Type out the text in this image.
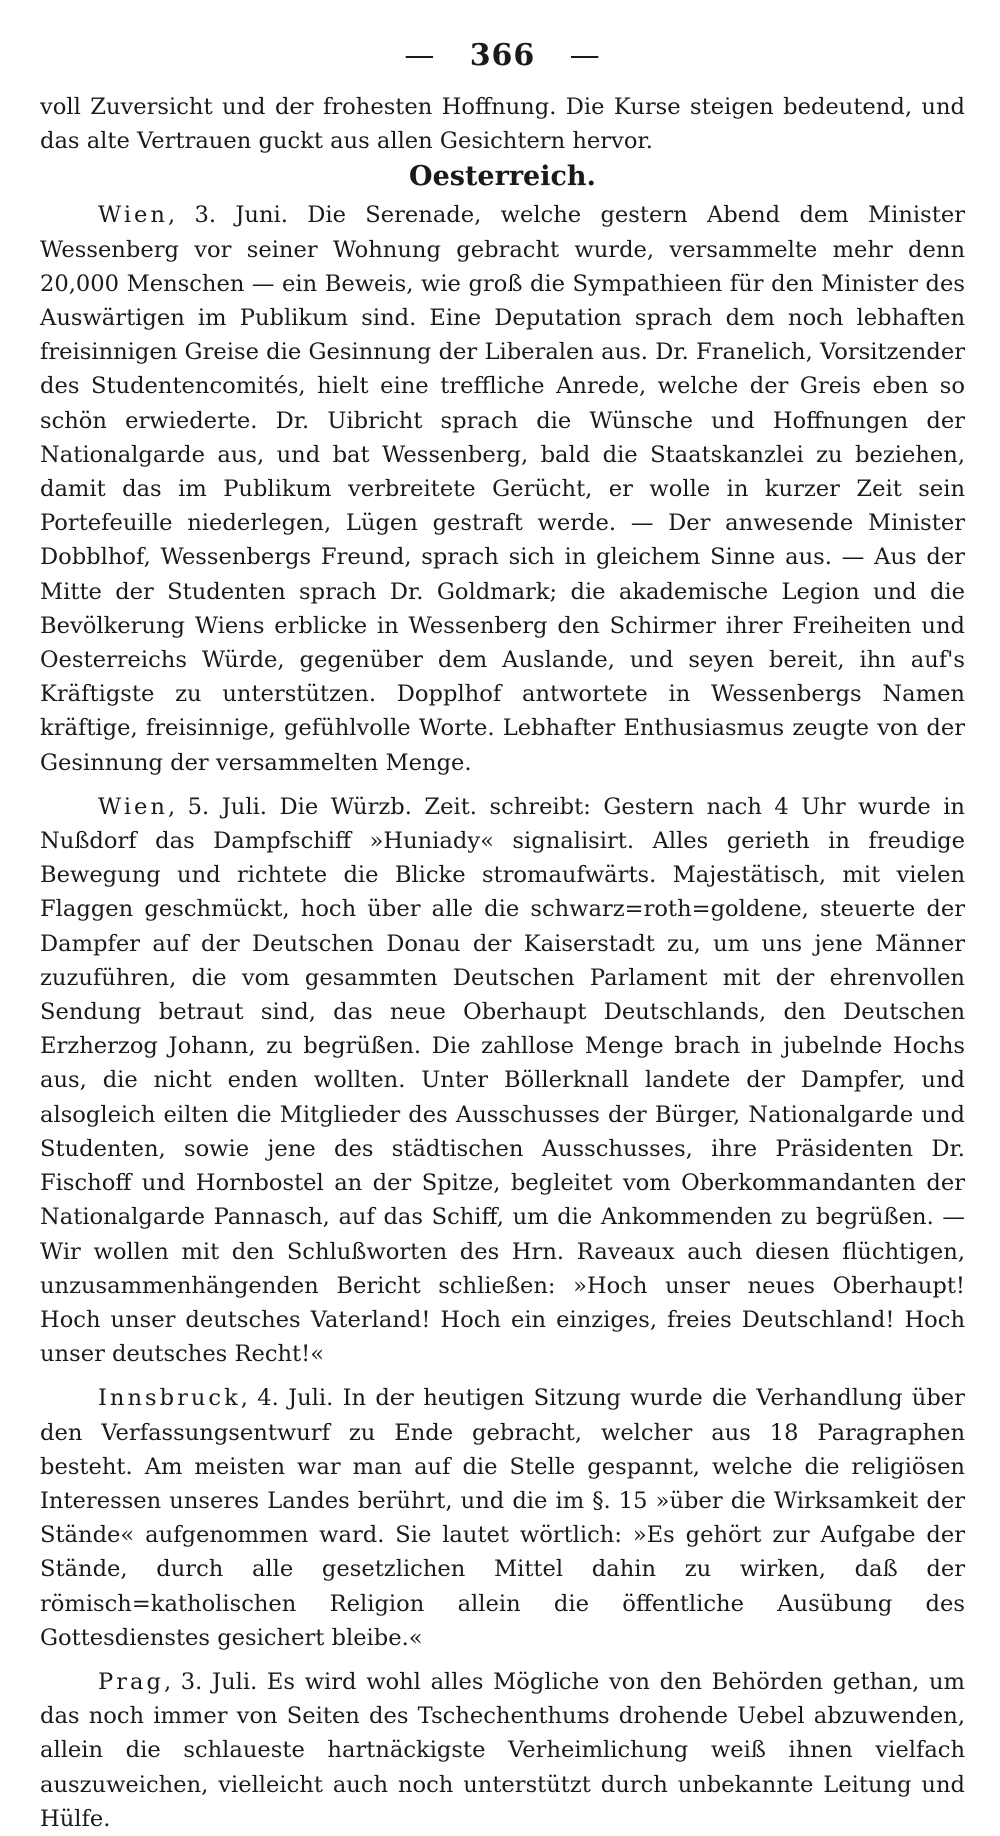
— 366 —

voll Zuversicht und der frohesten Hoffnung. Die Kurse steigen bedeutend, und das alte Vertrauen guckt aus allen Gesichtern hervor.

Oesterreich.

Wien, 3. Juni. Die Serenade, welche gestern Abend dem Minister Wessenberg vor seiner Wohnung gebracht wurde, versammelte mehr denn 20,000 Menschen — ein Beweis, wie groß die Sympathieen für den Minister des Auswärtigen im Publikum sind. Eine Deputation sprach dem noch lebhaften freisinnigen Greise die Gesinnung der Liberalen aus. Dr. Franelich, Vorsitzender des Studentencomités, hielt eine treffliche Anrede, welche der Greis eben so schön erwiederte. Dr. Uibricht sprach die Wünsche und Hoffnungen der Nationalgarde aus, und bat Wessenberg, bald die Staatskanzlei zu beziehen, damit das im Publikum verbreitete Gerücht, er wolle in kurzer Zeit sein Portefeuille niederlegen, Lügen gestraft werde. — Der anwesende Minister Dobblhof, Wessenbergs Freund, sprach sich in gleichem Sinne aus. — Aus der Mitte der Studenten sprach Dr. Goldmark; die akademische Legion und die Bevölkerung Wiens erblicke in Wessenberg den Schirmer ihrer Freiheiten und Oesterreichs Würde, gegenüber dem Auslande, und seyen bereit, ihn auf's Kräftigste zu unterstützen. Dopplhof antwortete in Wessenbergs Namen kräftige, freisinnige, gefühlvolle Worte. Lebhafter Enthusiasmus zeugte von der Gesinnung der versammelten Menge.

Wien, 5. Juli. Die Würzb. Zeit. schreibt: Gestern nach 4 Uhr wurde in Nußdorf das Dampfschiff »Huniady« signalisirt. Alles gerieth in freudige Bewegung und richtete die Blicke stromaufwärts. Majestätisch, mit vielen Flaggen geschmückt, hoch über alle die schwarz=roth=goldene, steuerte der Dampfer auf der Deutschen Donau der Kaiserstadt zu, um uns jene Männer zuzuführen, die vom gesammten Deutschen Parlament mit der ehrenvollen Sendung betraut sind, das neue Oberhaupt Deutschlands, den Deutschen Erzherzog Johann, zu begrüßen. Die zahllose Menge brach in jubelnde Hochs aus, die nicht enden wollten. Unter Böllerknall landete der Dampfer, und alsogleich eilten die Mitglieder des Ausschusses der Bürger, Nationalgarde und Studenten, sowie jene des städtischen Ausschusses, ihre Präsidenten Dr. Fischoff und Hornbostel an der Spitze, begleitet vom Oberkommandanten der Nationalgarde Pannasch, auf das Schiff, um die Ankommenden zu begrüßen. — Wir wollen mit den Schlußworten des Hrn. Raveaux auch diesen flüchtigen, unzusammenhängenden Bericht schließen: »Hoch unser neues Oberhaupt! Hoch unser deutsches Vaterland! Hoch ein einziges, freies Deutschland! Hoch unser deutsches Recht!«

Innsbruck, 4. Juli. In der heutigen Sitzung wurde die Verhandlung über den Verfassungsentwurf zu Ende gebracht, welcher aus 18 Paragraphen besteht. Am meisten war man auf die Stelle gespannt, welche die religiösen Interessen unseres Landes berührt, und die im §. 15 »über die Wirksamkeit der Stände« aufgenommen ward. Sie lautet wörtlich: »Es gehört zur Aufgabe der Stände, durch alle gesetzlichen Mittel dahin zu wirken, daß der römisch=katholischen Religion allein die öffentliche Ausübung des Gottesdienstes gesichert bleibe.«

Prag, 3. Juli. Es wird wohl alles Mögliche von den Behörden gethan, um das noch immer von Seiten des Tschechenthums drohende Uebel abzuwenden, allein die schlaueste hartnäckigste Verheimlichung weiß ihnen vielfach auszuweichen, vielleicht auch noch unterstützt durch unbekannte Leitung und Hülfe.
